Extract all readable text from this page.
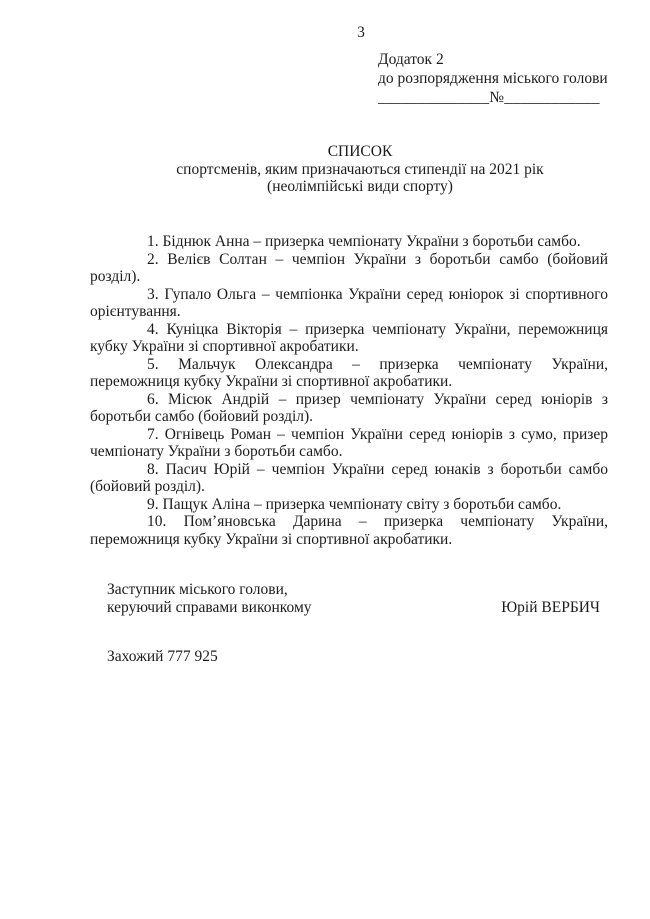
3
Додаток 2
до розпорядження міського голови
______________№____________
СПИСОК
спортсменів, яким призначаються стипендії на 2021 рік
(неолімпійські види спорту)

1. Біднюк Анна – призерка чемпіонату України з боротьби самбо.

2. Велієв Солтан – чемпіон України з боротьби самбо (бойовий розділ).

3. Гупало Ольга – чемпіонка України серед юніорок зі спортивного орієнтування.

4. Куніцка Вікторія – призерка чемпіонату України, переможниця кубку України зі спортивної акробатики.

5. Мальчук Олександра – призерка чемпіонату України, переможниця кубку України зі спортивної акробатики.

6. Місюк Андрій – призер чемпіонату України серед юніорів з боротьби самбо (бойовий розділ).

7. Огнівець Роман – чемпіон України серед юніорів з сумо, призер чемпіонату України з боротьби самбо.

8. Пасич Юрій – чемпіон України серед юнаків з боротьби самбо (бойовий розділ).

9. Пащук Аліна – призерка чемпіонату світу з боротьби самбо.

10. Пом’яновська Дарина – призерка чемпіонату України, переможниця кубку України зі спортивної акробатики.

Заступник міського голови,
керуючий справами виконкому	Юрій ВЕРБИЧ
Захожий 777 925
